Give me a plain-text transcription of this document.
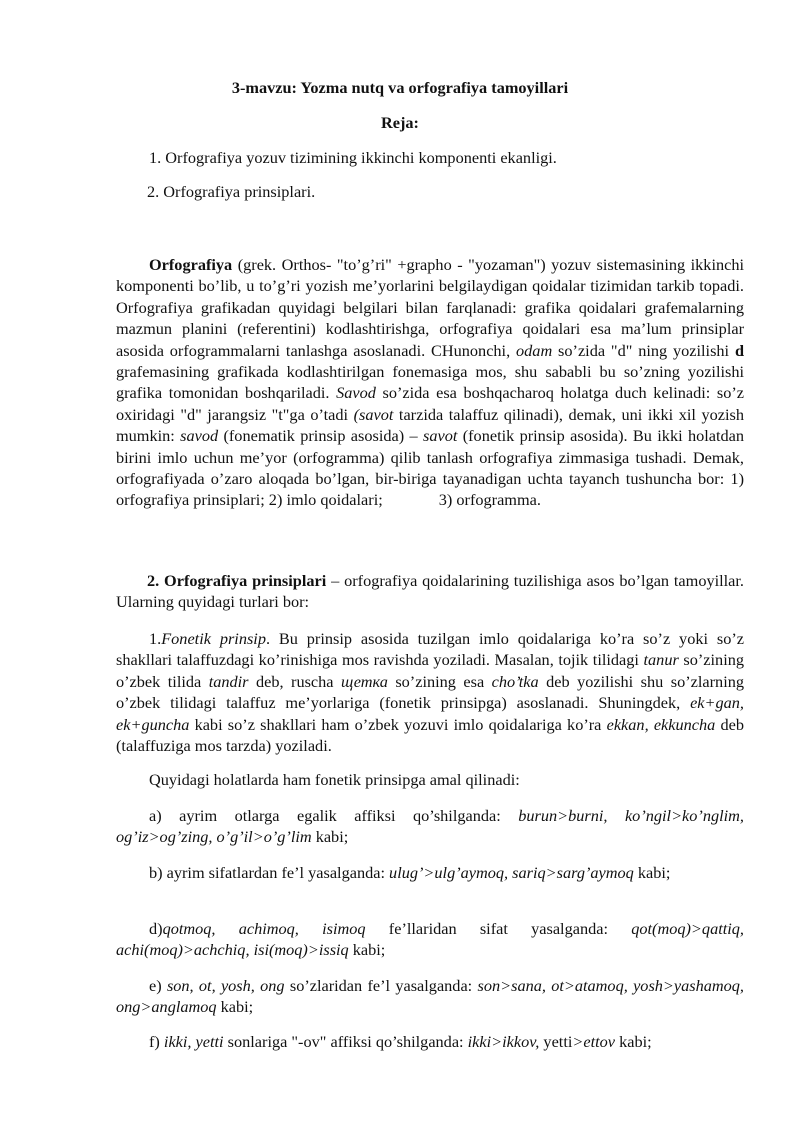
3-mavzu: Yozma nutq va orfografiya tamoyillari
Reja:
1. Orfografiya yozuv tizimining ikkinchi komponenti ekanligi.
2. Orfografiya prinsiplari.
Orfografiya (grek. Orthos- "to’g’ri" +grapho - "yozaman") yozuv sistemasining ikkinchi komponenti bo’lib, u to’g’ri yozish me’yorlarini belgilaydigan qoidalar tizimidan tarkib topadi. Orfografiya grafikadan quyidagi belgilari bilan farqlanadi: grafika qoidalari grafemalarning mazmun planini (referentini) kodlashtirishga, orfografiya qoidalari esa ma’lum prinsiplar asosida orfogrammalarni tanlashga asoslanadi. CHunonchi, odam so’zida "d" ning yozilishi d grafemasining grafikada kodlashtirilgan fonemasiga mos, shu sababli bu so’zning yozilishi grafika tomonidan boshqariladi. Savod so’zida esa boshqacharoq holatga duch kelinadi: so’z oxiridagi "d" jarangsiz "t"ga o’tadi (savot tarzida talaffuz qilinadi), demak, uni ikki xil yozish mumkin: savod (fonematik prinsip asosida) – savot (fonetik prinsip asosida). Bu ikki holatdan birini imlo uchun me’yor (orfogramma) qilib tanlash orfografiya zimmasiga tushadi. Demak, orfografiyada o’zaro aloqada bo’lgan, bir-biriga tayanadigan uchta tayanch tushuncha bor: 1) orfografiya prinsiplari; 2) imlo qoidalari;	3) orfogramma.
2. Orfografiya prinsiplari – orfografiya qoidalarining tuzilishiga asos bo’lgan tamoyillar. Ularning quyidagi turlari bor:
1.Fonetik prinsip. Bu prinsip asosida tuzilgan imlo qoidalariga ko’ra so’z yoki so’z shakllari talaffuzdagi ko’rinishiga mos ravishda yoziladi. Masalan, tojik tilidagi tanur so’zining o’zbek tilida tandir deb, ruscha щетка so’zining esa cho’tka deb yozilishi shu so’zlarning o’zbek tilidagi talaffuz me’yorlariga (fonetik prinsipga) asoslanadi. Shuningdek, ek+gan, ek+guncha kabi so’z shakllari ham o’zbek yozuvi imlo qoidalariga ko’ra ekkan, ekkuncha deb (talaffuziga mos tarzda) yoziladi.
Quyidagi holatlarda ham fonetik prinsipga amal qilinadi:
a) ayrim otlarga egalik affiksi qo’shilganda: burun>burni, ko’ngil>ko’nglim, og’iz>og’zing, o’g’il>o’g’lim kabi;
b) ayrim sifatlardan fe’l yasalganda: ulug’>ulg’aymoq, sariq>sarg’aymoq kabi;
d)qotmoq, achimoq, isimoq fe’llaridan sifat yasalganda: qot(moq)>qattiq, achi(moq)>achchiq, isi(moq)>issiq kabi;
e) son, ot, yosh, ong so’zlaridan fe’l yasalganda: son>sana, ot>atamoq, yosh>yashamoq, ong>anglamoq kabi;
f) ikki, yetti sonlariga "-ov" affiksi qo’shilganda: ikki>ikkov, yetti>ettov kabi;
